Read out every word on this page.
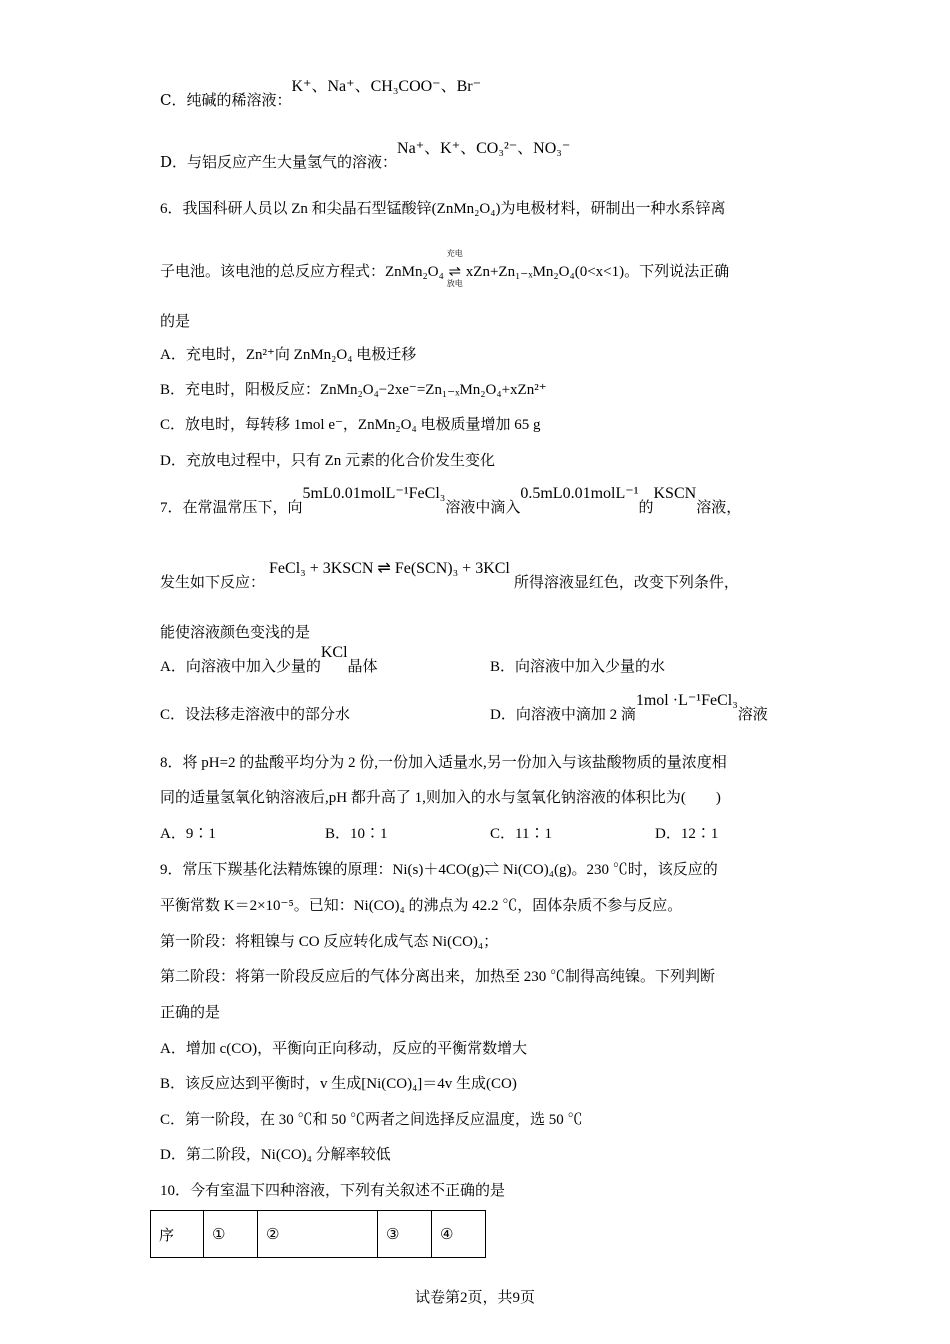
C．纯碱的稀溶液：K⁺、Na⁺、CH₃COO⁻、Br⁻
D．与铝反应产生大量氢气的溶液：Na⁺、K⁺、CO₃²⁻、NO₃⁻
6．我国科研人员以 Zn 和尖晶石型锰酸锌(ZnMn₂O₄)为电极材料，研制出一种水系锌离
子电池。该电池的总反应方程式：ZnMn₂O₄
充电
⇌
放电
xZn+Zn₁₋ₓMn₂O₄(0<x<1)。下列说法正确
的是
A．充电时，Zn²⁺向 ZnMn₂O₄ 电极迁移
B．充电时，阳极反应：ZnMn₂O₄−2xe⁻=Zn₁₋ₓMn₂O₄+xZn²⁺
C．放电时，每转移 1mol e⁻，ZnMn₂O₄ 电极质量增加 65 g
D．充放电过程中，只有 Zn 元素的化合价发生变化
7．在常温常压下，向5mL0.01molL⁻¹FeCl₃溶液中滴入0.5mL0.01molL⁻¹的KSCN溶液，
发生如下反应：FeCl₃ + 3KSCN ⇌ Fe(SCN)₃ + 3KCl所得溶液显红色，改变下列条件，
能使溶液颜色变浅的是
A．向溶液中加入少量的KCl晶体	B．向溶液中加入少量的水
C．设法移走溶液中的部分水	D．向溶液中滴加 2 滴1mol ·L⁻¹FeCl₃溶液
8．将 pH=2 的盐酸平均分为 2 份,一份加入适量水,另一份加入与该盐酸物质的量浓度相
同的适量氢氧化钠溶液后,pH 都升高了 1,则加入的水与氢氧化钠溶液的体积比为(　　)
A．9∶1	B．10∶1	C．11∶1	D．12∶1
9．常压下羰基化法精炼镍的原理：Ni(s)＋4CO(g)⇌ Ni(CO)₄(g)。230 ℃时，该反应的
平衡常数 K＝2×10⁻⁵。已知：Ni(CO)₄ 的沸点为 42.2 ℃，固体杂质不参与反应。
第一阶段：将粗镍与 CO 反应转化成气态 Ni(CO)₄；
第二阶段：将第一阶段反应后的气体分离出来，加热至 230 ℃制得高纯镍。下列判断
正确的是
A．增加 c(CO)，平衡向正向移动，反应的平衡常数增大
B．该反应达到平衡时，v 生成[Ni(CO)₄]＝4v 生成(CO)
C．第一阶段，在 30 ℃和 50 ℃两者之间选择反应温度，选 50 ℃
D．第二阶段，Ni(CO)₄ 分解率较低
10．今有室温下四种溶液，下列有关叙述不正确的是
序	①	②	③	④
试卷第2页，共9页
